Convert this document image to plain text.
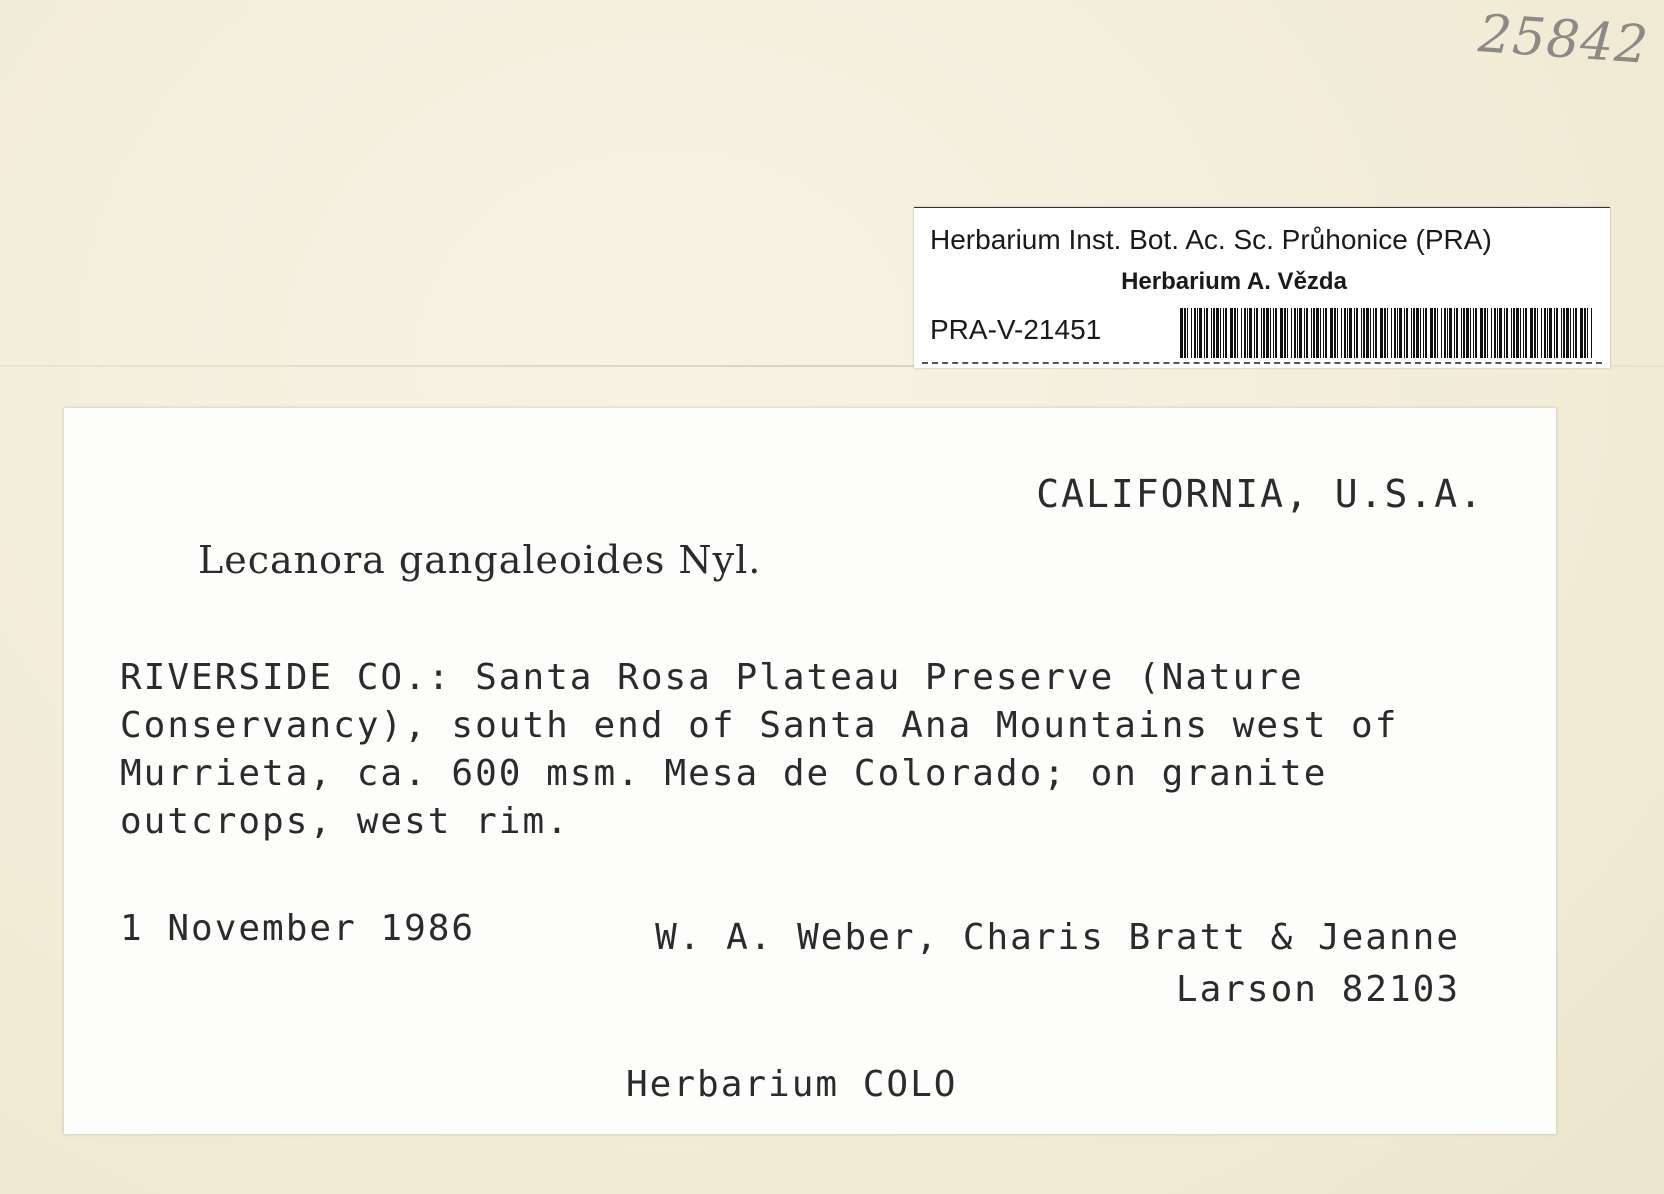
25842
Herbarium Inst. Bot. Ac. Sc. Průhonice (PRA)
Herbarium A. Vězda
PRA-V-21451
CALIFORNIA, U.S.A.
Lecanora gangaleoides Nyl.
RIVERSIDE CO.: Santa Rosa Plateau Preserve (Nature
Conservancy), south end of Santa Ana Mountains west of
Murrieta, ca. 600 msm. Mesa de Colorado; on granite
outcrops, west rim.
1 November 1986	W. A. Weber, Charis Bratt & Jeanne
Larson 82103
Herbarium COLO
